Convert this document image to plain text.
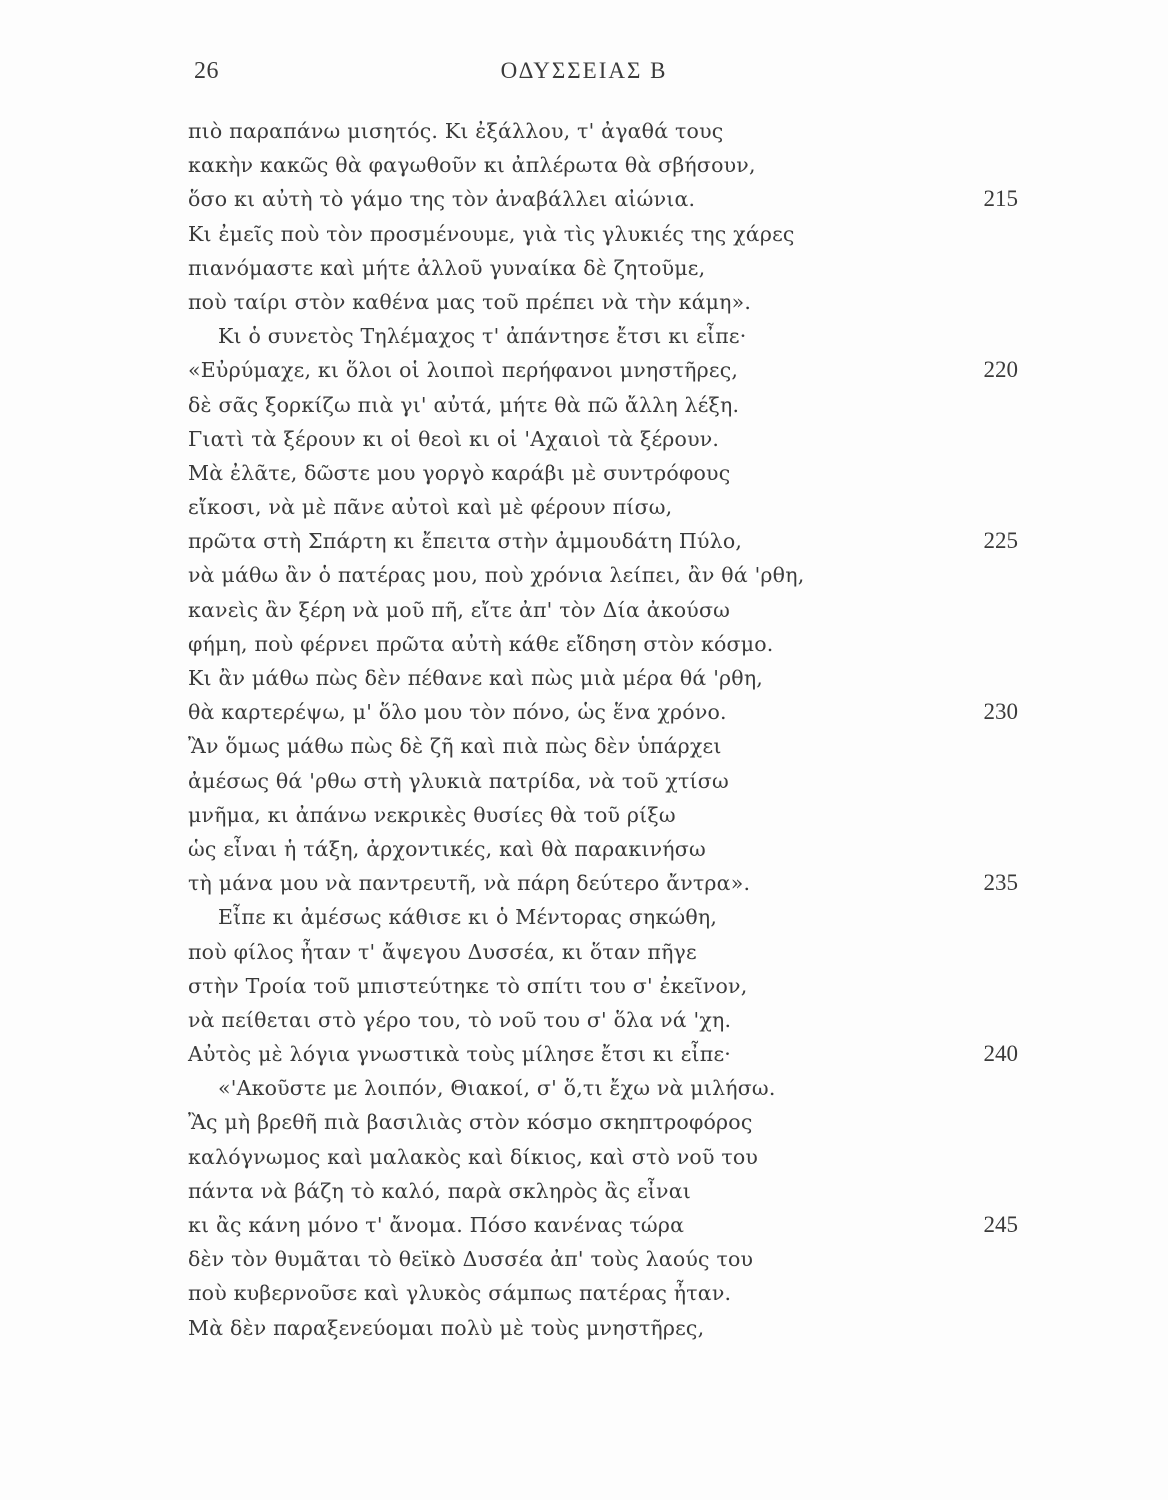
26	ΟΔΥΣΣΕΙΑΣ Β
πιὸ παραπάνω μισητός. Κι ἐξάλλου, τ' ἀγαθά τους
κακὴν κακῶς θὰ φαγωθοῦν κι ἀπλέρωτα θὰ σβήσουν,
ὅσο κι αὐτὴ τὸ γάμο της τὸν ἀναβάλλει αἰώνια.	215
Κι ἐμεῖς ποὺ τὸν προσμένουμε, γιὰ τὶς γλυκιές της χάρες
πιανόμαστε καὶ μήτε ἀλλοῦ γυναίκα δὲ ζητοῦμε,
ποὺ ταίρι στὸν καθένα μας τοῦ πρέπει νὰ τὴν κάμη».
Κι ὁ συνετὸς Τηλέμαχος τ' ἀπάντησε ἔτσι κι εἶπε·
«Εὐρύμαχε, κι ὅλοι οἱ λοιποὶ περήφανοι μνηστῆρες,	220
δὲ σᾶς ξορκίζω πιὰ γι' αὐτά, μήτε θὰ πῶ ἄλλη λέξη.
Γιατὶ τὰ ξέρουν κι οἱ θεοὶ κι οἱ 'Αχαιοὶ τὰ ξέρουν.
Μὰ ἐλᾶτε, δῶστε μου γοργὸ καράβι μὲ συντρόφους
εἴκοσι, νὰ μὲ πᾶνε αὐτοὶ καὶ μὲ φέρουν πίσω,
πρῶτα στὴ Σπάρτη κι ἔπειτα στὴν ἀμμουδάτη Πύλο,	225
νὰ μάθω ἂν ὁ πατέρας μου, ποὺ χρόνια λείπει, ἂν θά 'ρθη,
κανεὶς ἂν ξέρη νὰ μοῦ πῆ, εἴτε ἀπ' τὸν Δία ἀκούσω
φήμη, ποὺ φέρνει πρῶτα αὐτὴ κάθε εἴδηση στὸν κόσμο.
Κι ἂν μάθω πὼς δὲν πέθανε καὶ πὼς μιὰ μέρα θά 'ρθη,
θὰ καρτερέψω, μ' ὅλο μου τὸν πόνο, ὡς ἕνα χρόνο.	230
Ἂν ὅμως μάθω πὼς δὲ ζῆ καὶ πιὰ πὼς δὲν ὑπάρχει
ἀμέσως θά 'ρθω στὴ γλυκιὰ πατρίδα, νὰ τοῦ χτίσω
μνῆμα, κι ἀπάνω νεκρικὲς θυσίες θὰ τοῦ ρίξω
ὡς εἶναι ἡ τάξη, ἀρχοντικές, καὶ θὰ παρακινήσω
τὴ μάνα μου νὰ παντρευτῆ, νὰ πάρη δεύτερο ἄντρα».	235
Εἶπε κι ἀμέσως κάθισε κι ὁ Μέντορας σηκώθη,
ποὺ φίλος ἦταν τ' ἄψεγου Δυσσέα, κι ὅταν πῆγε
στὴν Τροία τοῦ μπιστεύτηκε τὸ σπίτι του σ' ἐκεῖνον,
νὰ πείθεται στὸ γέρο του, τὸ νοῦ του σ' ὅλα νά 'χη.
Αὐτὸς μὲ λόγια γνωστικὰ τοὺς μίλησε ἔτσι κι εἶπε·	240
«'Ακοῦστε με λοιπόν, Θιακοί, σ' ὅ,τι ἔχω νὰ μιλήσω.
Ἂς μὴ βρεθῆ πιὰ βασιλιὰς στὸν κόσμο σκηπτροφόρος
καλόγνωμος καὶ μαλακὸς καὶ δίκιος, καὶ στὸ νοῦ του
πάντα νὰ βάζη τὸ καλό, παρὰ σκληρὸς ἂς εἶναι
κι ἂς κάνη μόνο τ' ἄνομα. Πόσο κανένας τώρα	245
δὲν τὸν θυμᾶται τὸ θεϊκὸ Δυσσέα ἀπ' τοὺς λαούς του
ποὺ κυβερνοῦσε καὶ γλυκὸς σάμπως πατέρας ἦταν.
Μὰ δὲν παραξενεύομαι πολὺ μὲ τοὺς μνηστῆρες,
